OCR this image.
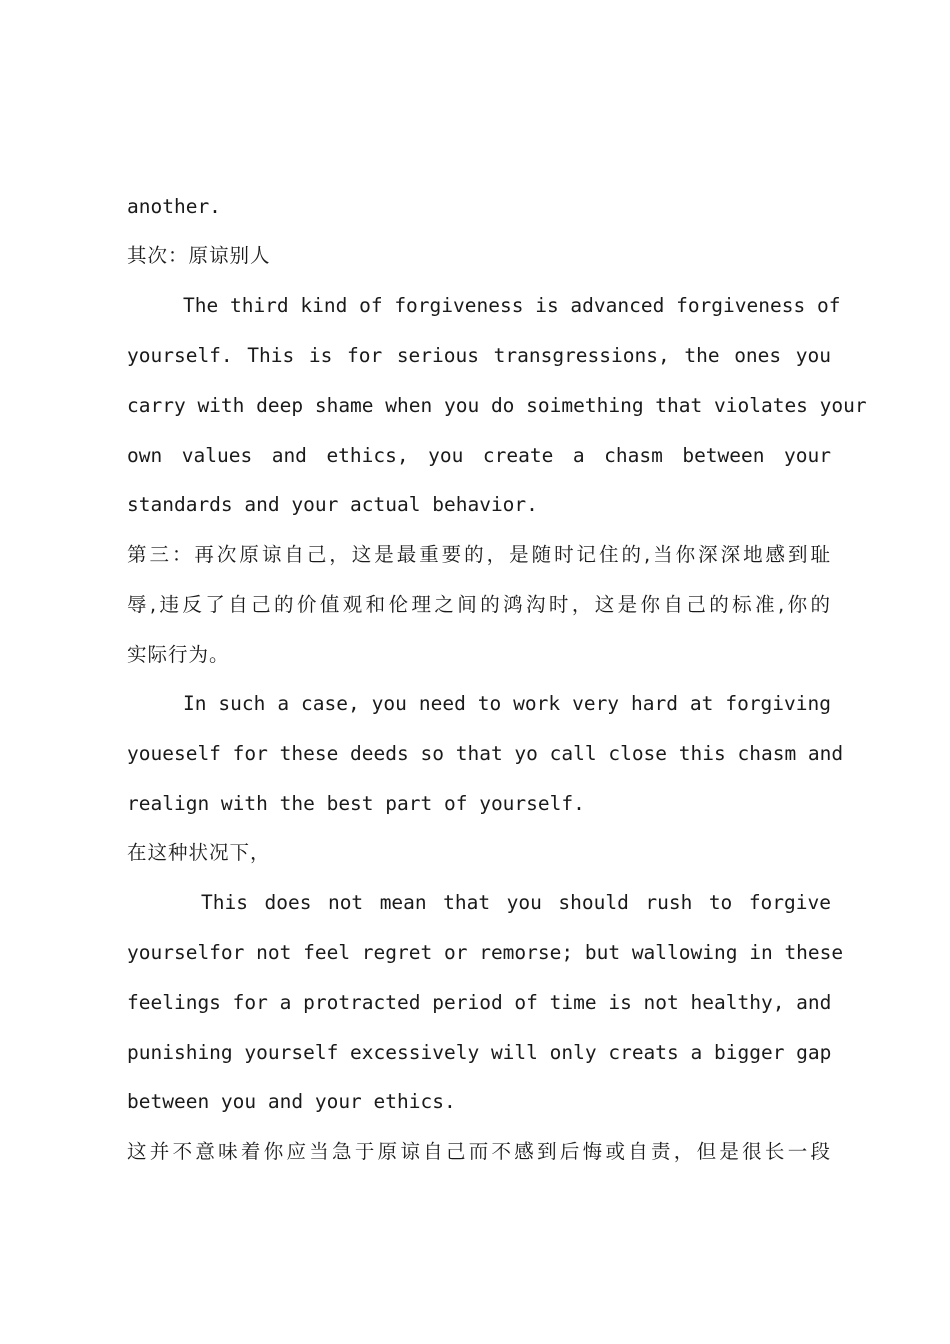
another.
其次：原谅别人
The third kind of forgiveness is advanced forgiveness of
yourself. This is for serious transgressions, the ones you
carry with deep shame when you do soimething that violates your
own values and ethics, you create a chasm between your
standards and your actual behavior.
第三：再次原谅自己，这是最重要的，是随时记住的,当你深深地感到耻
辱,违反了自己的价值观和伦理之间的鸿沟时，这是你自己的标准,你的
实际行为。
In such a case, you need to work very hard at forgiving
youeself for these deeds so that yo call close this chasm and
realign with the best part of yourself.
在这种状况下，
This does not mean that you should rush to forgive
yourselfor not feel regret or remorse; but wallowing in these
feelings for a protracted period of time is not healthy, and
punishing yourself excessively will only creats a bigger gap
between you and your ethics.
这并不意味着你应当急于原谅自己而不感到后悔或自责，但是很长一段
